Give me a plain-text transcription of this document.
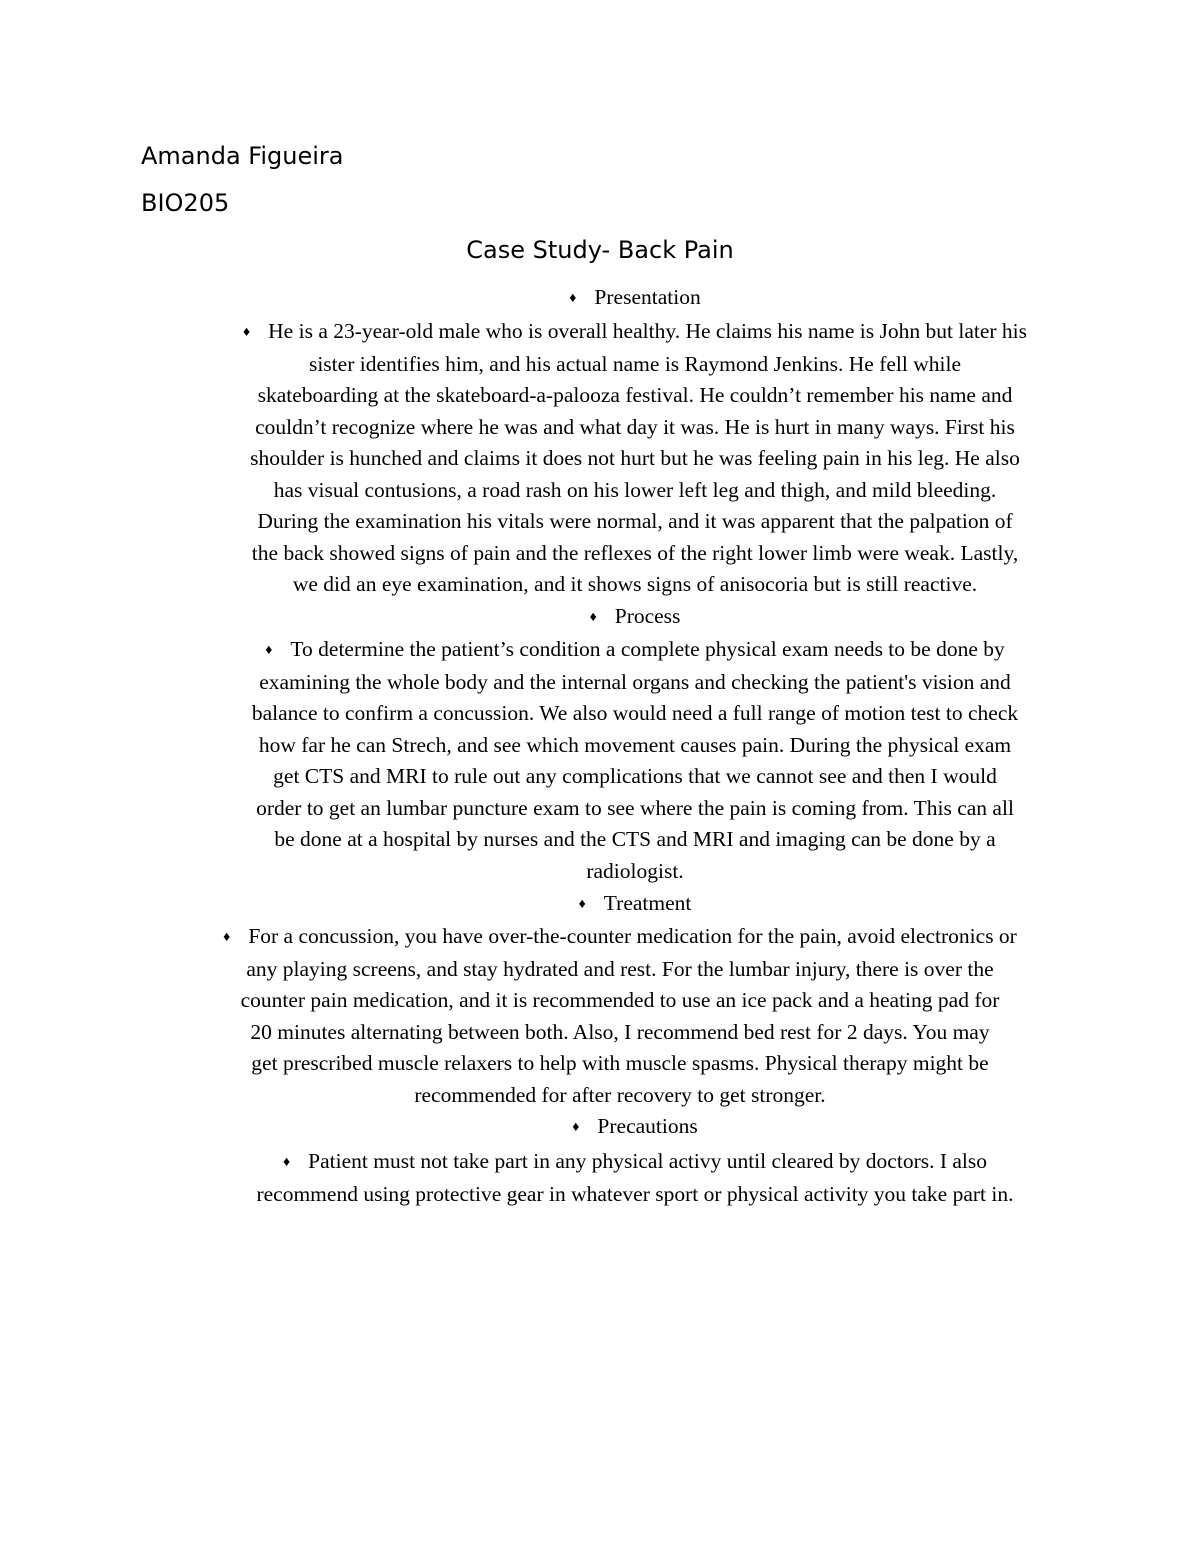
Amanda Figueira
BIO205
Case Study- Back Pain
♦ Presentation
♦ He is a 23-year-old male who is overall healthy. He claims his name is John but later his
sister identifies him, and his actual name is Raymond Jenkins. He fell while
skateboarding at the skateboard-a-palooza festival. He couldn’t remember his name and
couldn’t recognize where he was and what day it was. He is hurt in many ways. First his
shoulder is hunched and claims it does not hurt but he was feeling pain in his leg. He also
has visual contusions, a road rash on his lower left leg and thigh, and mild bleeding.
During the examination his vitals were normal, and it was apparent that the palpation of
the back showed signs of pain and the reflexes of the right lower limb were weak. Lastly,
we did an eye examination, and it shows signs of anisocoria but is still reactive.
♦ Process
♦ To determine the patient’s condition a complete physical exam needs to be done by
examining the whole body and the internal organs and checking the patient's vision and
balance to confirm a concussion. We also would need a full range of motion test to check
how far he can Strech, and see which movement causes pain. During the physical exam
get CTS and MRI to rule out any complications that we cannot see and then I would
order to get an lumbar puncture exam to see where the pain is coming from. This can all
be done at a hospital by nurses and the CTS and MRI and imaging can be done by a
radiologist.
♦ Treatment
♦ For a concussion, you have over-the-counter medication for the pain, avoid electronics or
any playing screens, and stay hydrated and rest. For the lumbar injury, there is over the
counter pain medication, and it is recommended to use an ice pack and a heating pad for
20 minutes alternating between both. Also, I recommend bed rest for 2 days. You may
get prescribed muscle relaxers to help with muscle spasms. Physical therapy might be
recommended for after recovery to get stronger.
♦ Precautions
♦ Patient must not take part in any physical activy until cleared by doctors. I also
recommend using protective gear in whatever sport or physical activity you take part in.
